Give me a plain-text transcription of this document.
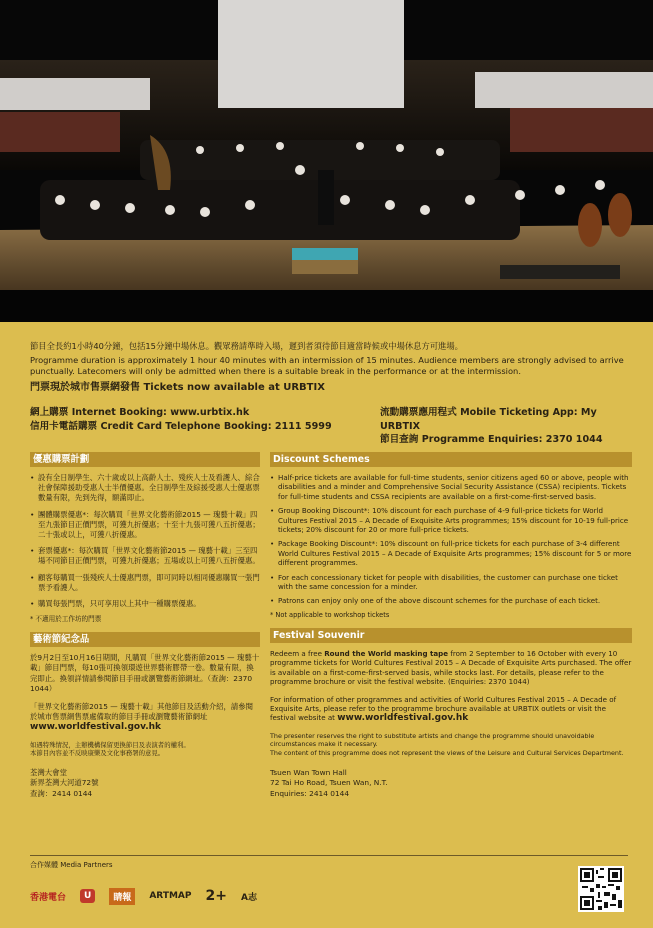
節目全長約1小時40分鐘，包括15分鐘中場休息。觀眾務請準時入場，遲到者須待節目適當時候或中場休息方可進場。
Programme duration is approximately 1 hour 40 minutes with an intermission of 15 minutes. Audience members are strongly advised to arrive punctually. Latecomers will only be admitted when there is a suitable break in the performance or at the intermission.
門票現於城市售票網發售 Tickets now available at URBTIX
網上購票 Internet Booking: www.urbtix.hk
信用卡電話購票 Credit Card Telephone Booking: 2111 5999
流動購票應用程式 Mobile Ticketing App: My URBTIX
節目查詢 Programme Enquiries: 2370 1044
優惠購票計劃
• 設有全日制學生、六十歲或以上高齡人士、殘疾人士及看護人、綜合社會保障援助受惠人士半價優惠。全日制學生及綜援受惠人士優惠票數量有限，先到先得，額滿即止。
• 團體購票優惠*：每次購買「世界文化藝術節2015 — 瑰藝十載」四至九張節目正價門票，可獲九折優惠；十至十九張可獲八五折優惠；二十張或以上，可獲八折優惠。
• 套票優惠*：每次購買「世界文化藝術節2015 — 瑰藝十載」三至四場不同節目正價門票，可獲九折優惠；五場或以上可獲八五折優惠。
• 顧客每購買一張殘疾人士優惠門票，即可同時以相同優惠購買一張門票予看護人。
• 購買每張門票，只可享用以上其中一種購票優惠。
* 不適用於工作坊的門票
藝術節紀念品
於9月2日至10月16日期間，凡購買「世界文化藝術節2015 — 瑰藝十載」節目門票，每10張可換領環遊世界藝術膠帶一卷。數量有限，換完即止。換領詳情請參閱節目手冊或瀏覽藝術節網址。（查詢：2370 1044）
「世界文化藝術節2015 — 瑰藝十載」其他節目及活動介紹，請參閱於城市售票網售票處備取的節目手冊或瀏覽藝術節網址www.worldfestival.gov.hk
如遇特殊情況，主辦機構保留更換節目及表演者的權利。
本節目內容並不反映康樂及文化事務署的意見。
荃灣大會堂
新界荃灣大河道72號
查詢：2414 0144
Discount Schemes
• Half-price tickets are available for full-time students, senior citizens aged 60 or above, people with disabilities and a minder and Comprehensive Social Security Assistance (CSSA) recipients. Tickets for full-time students and CSSA recipients are available on a first-come-first-served basis.
• Group Booking Discount*: 10% discount for each purchase of 4-9 full-price tickets for World Cultures Festival 2015 – A Decade of Exquisite Arts programmes; 15% discount for 10-19 full-price tickets; 20% discount for 20 or more full-price tickets.
• Package Booking Discount*: 10% discount on full-price tickets for each purchase of 3-4 different World Cultures Festival 2015 – A Decade of Exquisite Arts programmes; 15% discount for 5 or more different programmes.
• For each concessionary ticket for people with disabilities, the customer can purchase one ticket with the same concession for a minder.
• Patrons can enjoy only one of the above discount schemes for the purchase of each ticket.
* Not applicable to workshop tickets
Festival Souvenir
Redeem a free Round the World masking tape from 2 September to 16 October with every 10 programme tickets for World Cultures Festival 2015 – A Decade of Exquisite Arts purchased. The offer is available on a first-come-first-served basis, while stocks last. For details, please refer to the programme brochure or visit the festival website. (Enquiries: 2370 1044)
For information of other programmes and activities of World Cultures Festival 2015 – A Decade of Exquisite Arts, please refer to the programme brochure available at URBTIX outlets or visit the festival website at www.worldfestival.gov.hk
The presenter reserves the right to substitute artists and change the programme should unavoidable circumstances make it necessary.
The content of this programme does not represent the views of the Leisure and Cultural Services Department.
Tsuen Wan Town Hall
72 Tai Ho Road, Tsuen Wan, N.T.
Enquiries: 2414 0144
合作媒體 Media Partners
香港電台	U	睛報	ARTMAP 2+ A志
